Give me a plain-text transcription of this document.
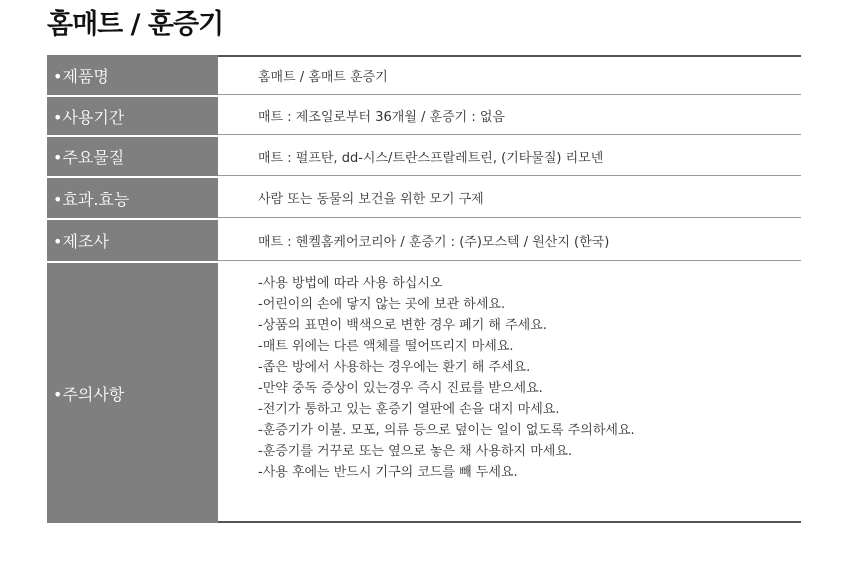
홈매트 / 훈증기
•제품명	홈매트 / 홈매트 훈증기
•사용기간	매트 : 제조일로부터 36개월 / 훈증기 : 없음
•주요물질	매트 : 펄프탄, dd-시스/트란스프랄레트린, (기타물질) 리모넨
•효과.효능	사람 또는 동물의 보건을 위한 모기 구제
•제조사	매트 : 헨켈홈케어코리아 / 훈증기 : (주)모스텍 / 원산지 (한국)
•주의사항
-사용 방법에 따라 사용 하십시오
-어린이의 손에 닿지 않는 곳에 보관 하세요.
-상품의 표면이 백색으로 변한 경우 폐기 해 주세요.
-매트 위에는 다른 액체를 떨어뜨리지 마세요.
-좁은 방에서 사용하는 경우에는 환기 해 주세요.
-만약 중독 증상이 있는경우 즉시 진료를 받으세요.
-전기가 통하고 있는 훈증기 열판에 손을 대지 마세요.
-훈증기가 이불. 모포, 의류 등으로 덮이는 일이 없도록 주의하세요.
-훈증기를 거꾸로 또는 옆으로 놓은 채 사용하지 마세요.
-사용 후에는 반드시 기구의 코드를 빼 두세요.
